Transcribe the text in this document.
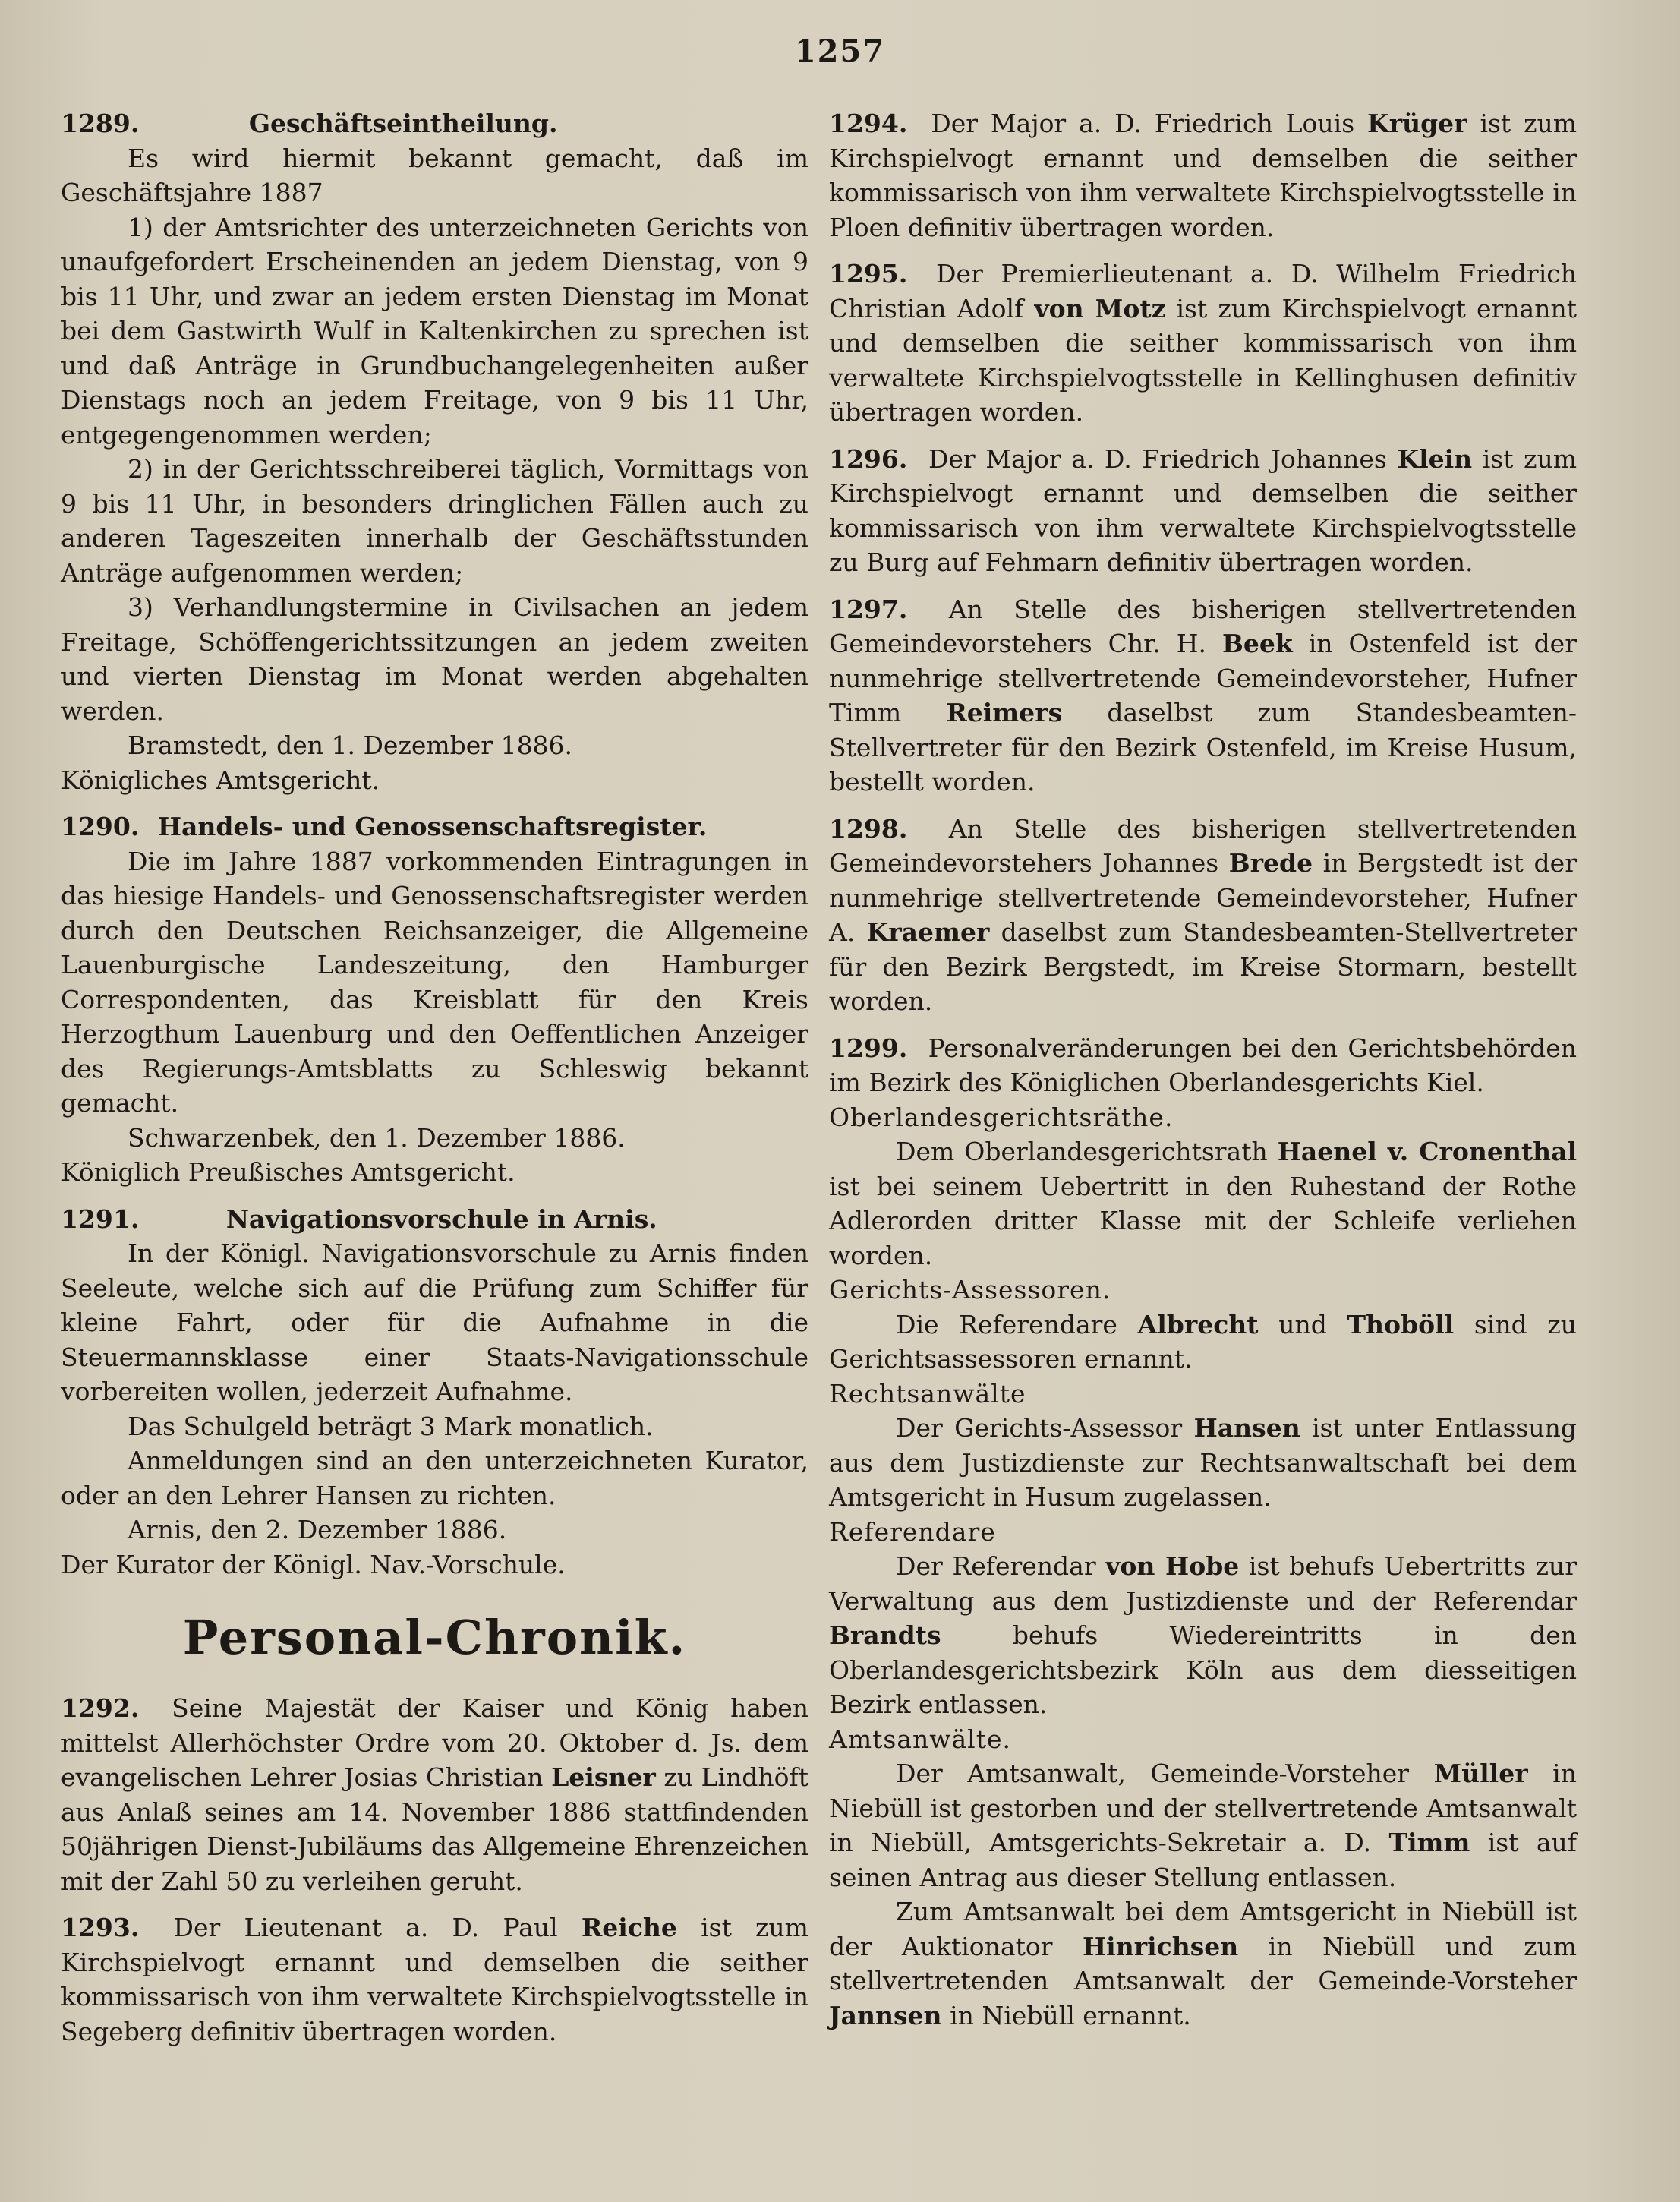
1257

1289.	Geschäftseintheilung.

Es wird hiermit bekannt gemacht, daß im Geschäftsjahre 1887

1) der Amtsrichter des unterzeichneten Gerichts von unaufgefordert Erscheinenden an jedem Dienstag, von 9 bis 11 Uhr, und zwar an jedem ersten Dienstag im Monat bei dem Gastwirth Wulf in Kaltenkirchen zu sprechen ist und daß Anträge in Grundbuchangelegenheiten außer Dienstags noch an jedem Freitage, von 9 bis 11 Uhr, entgegengenommen werden;

2) in der Gerichtsschreiberei täglich, Vormittags von 9 bis 11 Uhr, in besonders dringlichen Fällen auch zu anderen Tageszeiten innerhalb der Geschäftsstunden Anträge aufgenommen werden;

3) Verhandlungstermine in Civilsachen an jedem Freitage, Schöffengerichtssitzungen an jedem zweiten und vierten Dienstag im Monat werden abgehalten werden.

Bramstedt, den 1. Dezember 1886.

Königliches Amtsgericht.

1290. Handels- und Genossenschaftsregister.

Die im Jahre 1887 vorkommenden Eintragungen in das hiesige Handels- und Genossenschaftsregister werden durch den Deutschen Reichsanzeiger, die Allgemeine Lauenburgische Landeszeitung, den Hamburger Correspondenten, das Kreisblatt für den Kreis Herzogthum Lauenburg und den Oeffentlichen Anzeiger des Regierungs-Amtsblatts zu Schleswig bekannt gemacht.

Schwarzenbek, den 1. Dezember 1886.

Königlich Preußisches Amtsgericht.

1291.	Navigationsvorschule in Arnis.

In der Königl. Navigationsvorschule zu Arnis finden Seeleute, welche sich auf die Prüfung zum Schiffer für kleine Fahrt, oder für die Aufnahme in die Steuermannsklasse einer Staats-Navigationsschule vorbereiten wollen, jederzeit Aufnahme.

Das Schulgeld beträgt 3 Mark monatlich.

Anmeldungen sind an den unterzeichneten Kurator, oder an den Lehrer Hansen zu richten.

Arnis, den 2. Dezember 1886.

Der Kurator der Königl. Nav.-Vorschule.

Personal-Chronik.

1292. Seine Majestät der Kaiser und König haben mittelst Allerhöchster Ordre vom 20. Oktober d. Js. dem evangelischen Lehrer Josias Christian Leisner zu Lindhöft aus Anlaß seines am 14. November 1886 stattfindenden 50jährigen Dienst-Jubiläums das Allgemeine Ehrenzeichen mit der Zahl 50 zu verleihen geruht.

1293. Der Lieutenant a. D. Paul Reiche ist zum Kirchspielvogt ernannt und demselben die seither kommissarisch von ihm verwaltete Kirchspielvogtsstelle in Segeberg definitiv übertragen worden.

1294. Der Major a. D. Friedrich Louis Krüger ist zum Kirchspielvogt ernannt und demselben die seither kommissarisch von ihm verwaltete Kirchspielvogtsstelle in Ploen definitiv übertragen worden.

1295. Der Premierlieutenant a. D. Wilhelm Friedrich Christian Adolf von Motz ist zum Kirchspielvogt ernannt und demselben die seither kommissarisch von ihm verwaltete Kirchspielvogtsstelle in Kellinghusen definitiv übertragen worden.

1296. Der Major a. D. Friedrich Johannes Klein ist zum Kirchspielvogt ernannt und demselben die seither kommissarisch von ihm verwaltete Kirchspielvogtsstelle zu Burg auf Fehmarn definitiv übertragen worden.

1297. An Stelle des bisherigen stellvertretenden Gemeindevorstehers Chr. H. Beek in Ostenfeld ist der nunmehrige stellvertretende Gemeindevorsteher, Hufner Timm Reimers daselbst zum Standesbeamten-Stellvertreter für den Bezirk Ostenfeld, im Kreise Husum, bestellt worden.

1298. An Stelle des bisherigen stellvertretenden Gemeindevorstehers Johannes Brede in Bergstedt ist der nunmehrige stellvertretende Gemeindevorsteher, Hufner A. Kraemer daselbst zum Standesbeamten-Stellvertreter für den Bezirk Bergstedt, im Kreise Stormarn, bestellt worden.

1299. Personalveränderungen bei den Gerichtsbehörden im Bezirk des Königlichen Oberlandesgerichts Kiel.

Oberlandesgerichtsräthe.

Dem Oberlandesgerichtsrath Haenel v. Cronenthal ist bei seinem Uebertritt in den Ruhestand der Rothe Adlerorden dritter Klasse mit der Schleife verliehen worden.

Gerichts-Assessoren.

Die Referendare Albrecht und Thoböll sind zu Gerichtsassessoren ernannt.

Rechtsanwälte

Der Gerichts-Assessor Hansen ist unter Entlassung aus dem Justizdienste zur Rechtsanwaltschaft bei dem Amtsgericht in Husum zugelassen.

Referendare

Der Referendar von Hobe ist behufs Uebertritts zur Verwaltung aus dem Justizdienste und der Referendar Brandts	behufs Wiedereintritts in den Oberlandesgerichtsbezirk Köln aus dem diesseitigen Bezirk entlassen.

Amtsanwälte.

Der Amtsanwalt, Gemeinde-Vorsteher Müller in Niebüll ist gestorben und der stellvertretende Amtsanwalt in Niebüll, Amtsgerichts-Sekretair a. D. Timm ist auf seinen Antrag aus dieser Stellung entlassen.

Zum Amtsanwalt bei dem Amtsgericht in Niebüll ist der Auktionator Hinrichsen in Niebüll und zum stellvertretenden Amtsanwalt der Gemeinde-Vorsteher Jannsen in Niebüll ernannt.
